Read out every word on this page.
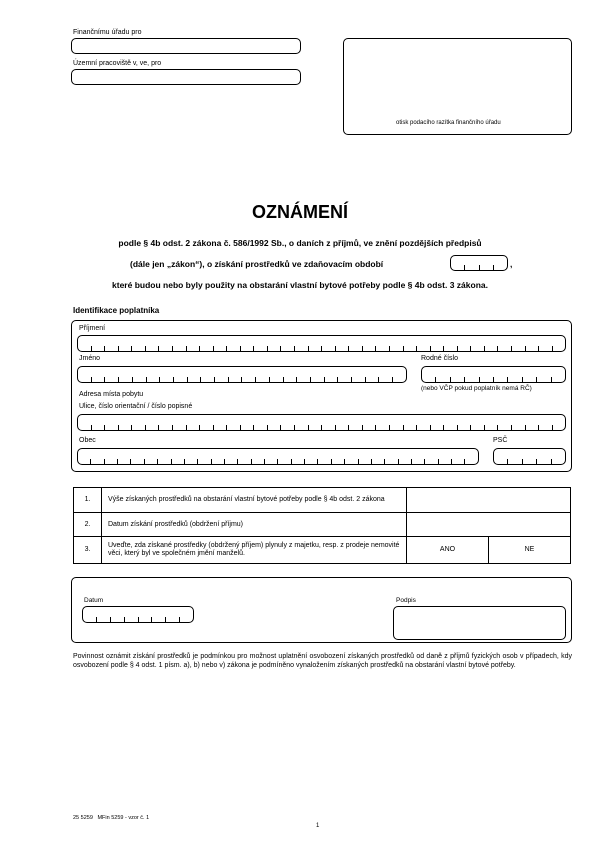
Finančnímu úřadu pro
Územní pracoviště v, ve, pro
otisk podacího razítka finančního úřadu
OZNÁMENÍ
podle § 4b odst. 2 zákona č. 586/1992 Sb., o daních z příjmů, ve znění pozdějších předpisů
(dále jen „zákon“), o získání prostředků ve zdaňovacím období	,
které budou nebo byly použity na obstarání vlastní bytové potřeby podle § 4b odst. 3 zákona.
Identifikace poplatníka
Příjmení
Jméno	Rodné číslo
(nebo VČP pokud poplatník nemá RČ)
Adresa místa pobytu
Ulice, číslo orientační / číslo popisné
Obec	PSČ
1.	Výše získaných prostředků na obstarání vlastní bytové potřeby podle § 4b odst. 2 zákona		
2.	Datum získání prostředků (obdržení příjmu)		
3.	Uveďte, zda získané prostředky (obdržený příjem) plynuly z majetku, resp. z prodeje nemovité věci, který byl ve společném jmění manželů.	ANO	NE
Datum	Podpis
Povinnost oznámit získání prostředků je podmínkou pro možnost uplatnění osvobození získaných prostředků od daně z příjmů fyzických osob v případech, kdy osvobození podle § 4 odst. 1 písm. a), b) nebo v) zákona je podmíněno vynaložením získaných prostředků na obstarání vlastní bytové potřeby.
25 5259   MFin 5259 - vzor č. 1
1
